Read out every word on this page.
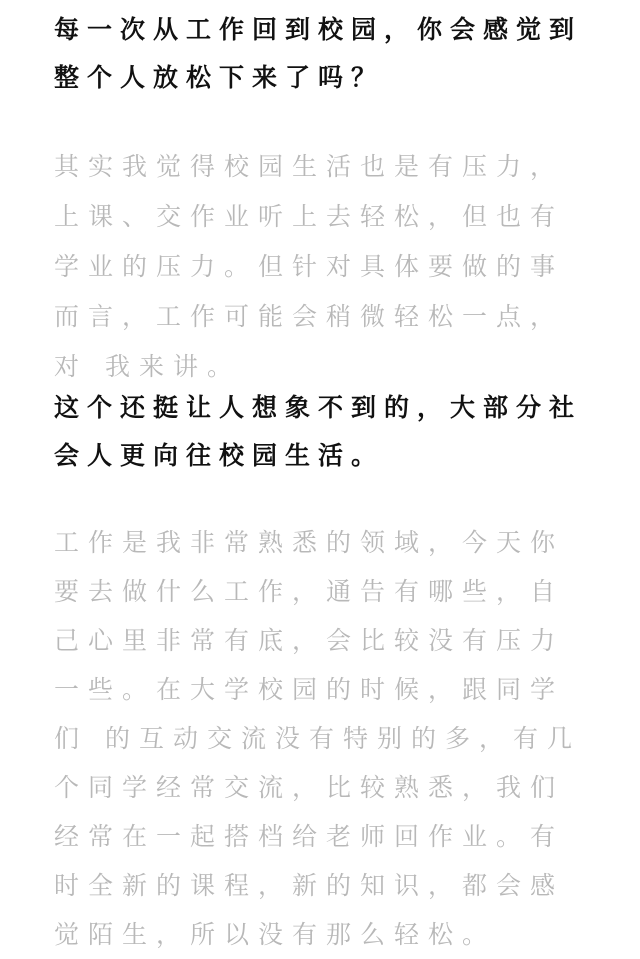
每一次从工作回到校园，你会感觉到整个人放松下来了吗？

其实我觉得校园生活也是有压力，上课、交作业听上去轻松，但也有学业的压力。但针对具体要做的事而言，工作可能会稍微轻松一点，对 我来讲。

这个还挺让人想象不到的，大部分社会人更向往校园生活。

工作是我非常熟悉的领域，今天你要去做什么工作，通告有哪些，自己心里非常有底，会比较没有压力一些。在大学校园的时候，跟同学们 的互动交流没有特别的多，有几个同学经常交流，比较熟悉，我们经常在一起搭档给老师回作业。有时全新的课程，新的知识，都会感觉陌生，所以没有那么轻松。
